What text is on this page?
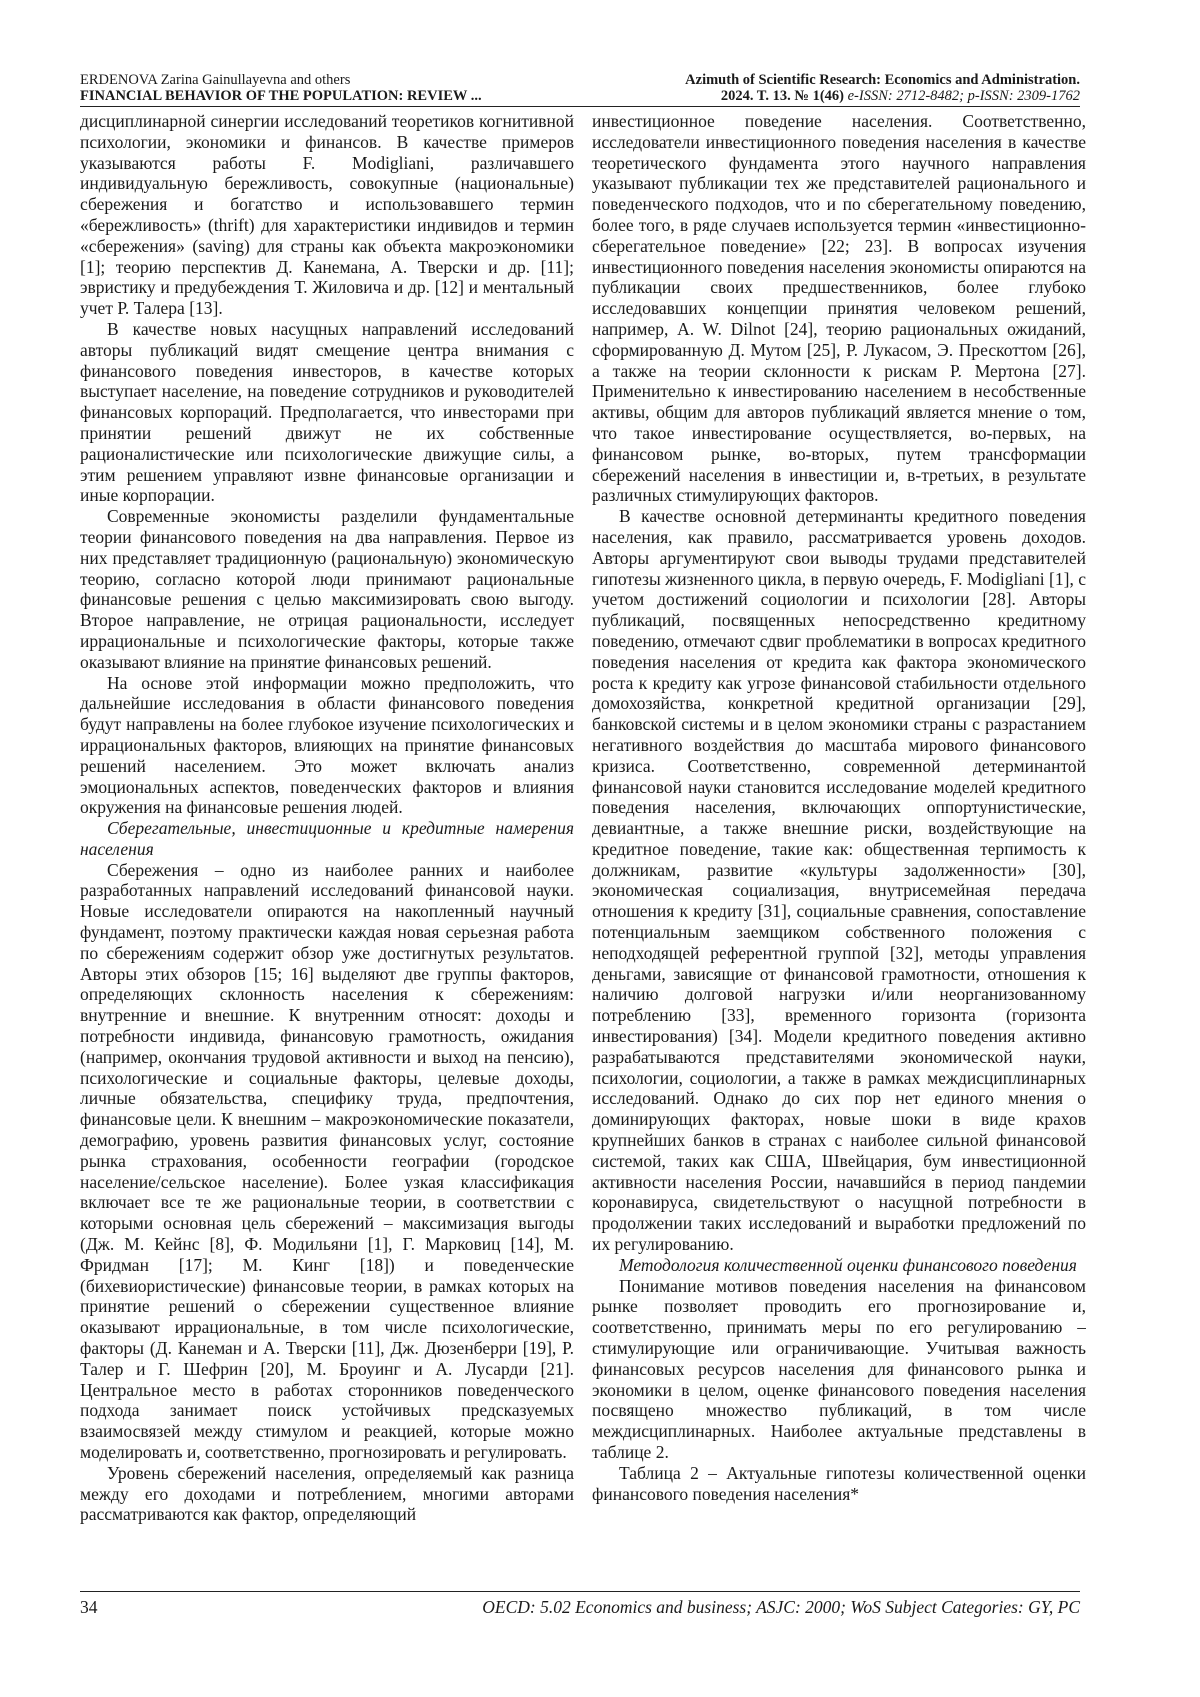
ERDENOVA Zarina Gainullayevna and others
FINANCIAL BEHAVIOR OF THE POPULATION: REVIEW ...
Azimuth of Scientific Research: Economics and Administration.
2024. T. 13. № 1(46) e-ISSN: 2712-8482; p-ISSN: 2309-1762

дисциплинарной синергии исследований теоретиков когнитивной психологии, экономики и финансов. В качестве примеров указываются работы F. Modigliani, различавшего индивидуальную бережливость, совокупные (национальные) сбережения и богатство и использовавшего термин «бережливость» (thrift) для характеристики индивидов и термин «сбережения» (saving) для страны как объекта макроэкономики [1]; теорию перспектив Д. Канемана, А. Тверски и др. [11]; эвристику и предубеждения Т. Жиловича и др. [12] и ментальный учет Р. Талера [13].

В качестве новых насущных направлений исследований авторы публикаций видят смещение центра внимания с финансового поведения инвесторов, в качестве которых выступает население, на поведение сотрудников и руководителей финансовых корпораций. Предполагается, что инвесторами при принятии решений движут не их собственные рационалистические или психологические движущие силы, а этим решением управляют извне финансовые организации и иные корпорации.

Современные экономисты разделили фундаментальные теории финансового поведения на два направления. Первое из них представляет традиционную (рациональную) экономическую теорию, согласно которой люди принимают рациональные финансовые решения с целью максимизировать свою выгоду. Второе направление, не отрицая рациональности, исследует иррациональные и психологические факторы, которые также оказывают влияние на принятие финансовых решений.

На основе этой информации можно предположить, что дальнейшие исследования в области финансового поведения будут направлены на более глубокое изучение психологических и иррациональных факторов, влияющих на принятие финансовых решений населением. Это может включать анализ эмоциональных аспектов, поведенческих факторов и влияния окружения на финансовые решения людей.

Сберегательные, инвестиционные и кредитные намерения населения

Сбережения – одно из наиболее ранних и наиболее разработанных направлений исследований финансовой науки. Новые исследователи опираются на накопленный научный фундамент, поэтому практически каждая новая серьезная работа по сбережениям содержит обзор уже достигнутых результатов. Авторы этих обзоров [15; 16] выделяют две группы факторов, определяющих склонность населения к сбережениям: внутренние и внешние. К внутренним относят: доходы и потребности индивида, финансовую грамотность, ожидания (например, окончания трудовой активности и выход на пенсию), психологические и социальные факторы, целевые доходы, личные обязательства, специфику труда, предпочтения, финансовые цели. К внешним – макроэкономические показатели, демографию, уровень развития финансовых услуг, состояние рынка страхования, особенности географии (городское население/сельское население). Более узкая классификация включает все те же рациональные теории, в соответствии с которыми основная цель сбережений – максимизация выгоды (Дж. М. Кейнс [8], Ф. Модильяни [1], Г. Марковиц [14], М. Фридман [17]; М. Кинг [18]) и поведенческие (бихевиористические) финансовые теории, в рамках которых на принятие решений о сбережении существенное влияние оказывают иррациональные, в том числе психологические, факторы (Д. Канеман и А. Тверски [11], Дж. Дюзенберри [19], Р. Талер и Г. Шефрин [20], М. Броуинг и А. Лусарди [21]. Центральное место в работах сторонников поведенческого подхода занимает поиск устойчивых предсказуемых взаимосвязей между стимулом и реакцией, которые можно моделировать и, соответственно, прогнозировать и регулировать.

Уровень сбережений населения, определяемый как разница между его доходами и потреблением, многими авторами рассматриваются как фактор, определяющий

инвестиционное поведение населения. Соответственно, исследователи инвестиционного поведения населения в качестве теоретического фундамента этого научного направления указывают публикации тех же представителей рационального и поведенческого подходов, что и по сберегательному поведению, более того, в ряде случаев используется термин «инвестиционно-сберегательное поведение» [22; 23]. В вопросах изучения инвестиционного поведения населения экономисты опираются на публикации своих предшественников, более глубоко исследовавших концепции принятия человеком решений, например, A. W. Dilnot [24], теорию рациональных ожиданий, сформированную Д. Мутом [25], Р. Лукасом, Э. Прескоттом [26], а также на теории склонности к рискам Р. Мертона [27]. Применительно к инвестированию населением в несобственные активы, общим для авторов публикаций является мнение о том, что такое инвестирование осуществляется, во-первых, на финансовом рынке, во-вторых, путем трансформации сбережений населения в инвестиции и, в-третьих, в результате различных стимулирующих факторов.

В качестве основной детерминанты кредитного поведения населения, как правило, рассматривается уровень доходов. Авторы аргументируют свои выводы трудами представителей гипотезы жизненного цикла, в первую очередь, F. Modigliani [1], с учетом достижений социологии и психологии [28]. Авторы публикаций, посвященных непосредственно кредитному поведению, отмечают сдвиг проблематики в вопросах кредитного поведения населения от кредита как фактора экономического роста к кредиту как угрозе финансовой стабильности отдельного домохозяйства, конкретной кредитной организации [29], банковской системы и в целом экономики страны с разрастанием негативного воздействия до масштаба мирового финансового кризиса. Соответственно, современной детерминантой финансовой науки становится исследование моделей кредитного поведения населения, включающих оппортунистические, девиантные, а также внешние риски, воздействующие на кредитное поведение, такие как: общественная терпимость к должникам, развитие «культуры задолженности» [30], экономическая социализация, внутрисемейная передача отношения к кредиту [31], социальные сравнения, сопоставление потенциальным заемщиком собственного положения с неподходящей референтной группой [32], методы управления деньгами, зависящие от финансовой грамотности, отношения к наличию долговой нагрузки и/или неорганизованному потреблению [33], временного горизонта (горизонта инвестирования) [34]. Модели кредитного поведения активно разрабатываются представителями экономической науки, психологии, социологии, а также в рамках междисциплинарных исследований. Однако до сих пор нет единого мнения о доминирующих факторах, новые шоки в виде крахов крупнейших банков в странах с наиболее сильной финансовой системой, таких как США, Швейцария, бум инвестиционной активности населения России, начавшийся в период пандемии коронавируса, свидетельствуют о насущной потребности в продолжении таких исследований и выработки предложений по их регулированию.

Методология количественной оценки финансового поведения

Понимание мотивов поведения населения на финансовом рынке позволяет проводить его прогнозирование и, соответственно, принимать меры по его регулированию – стимулирующие или ограничивающие. Учитывая важность финансовых ресурсов населения для финансового рынка и экономики в целом, оценке финансового поведения населения посвящено множество публикаций, в том числе междисциплинарных. Наиболее актуальные представлены в таблице 2.

Таблица 2 – Актуальные гипотезы количественной оценки финансового поведения населения*

34	OECD: 5.02 Economics and business; ASJC: 2000; WoS Subject Categories: GY, PC
